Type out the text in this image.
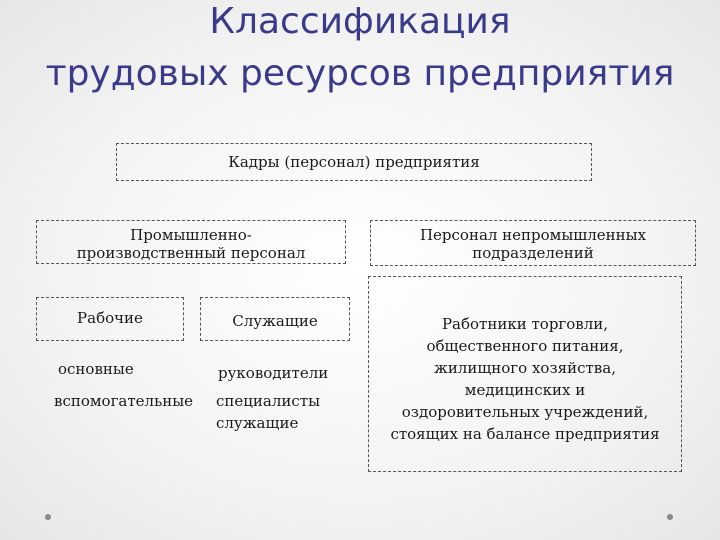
Классификация
трудовых ресурсов предприятия
Кадры (персонал) предприятия
Промышленно-
производственный персонал
Персонал непромышленных
подразделений
Рабочие	Служащие	Работники торговли,
общественного питания,
жилищного хозяйства,
медицинских и
оздоровительных учреждений,
стоящих на балансе предприятия
основные
вспомогательные
руководители
специалисты
служащие
